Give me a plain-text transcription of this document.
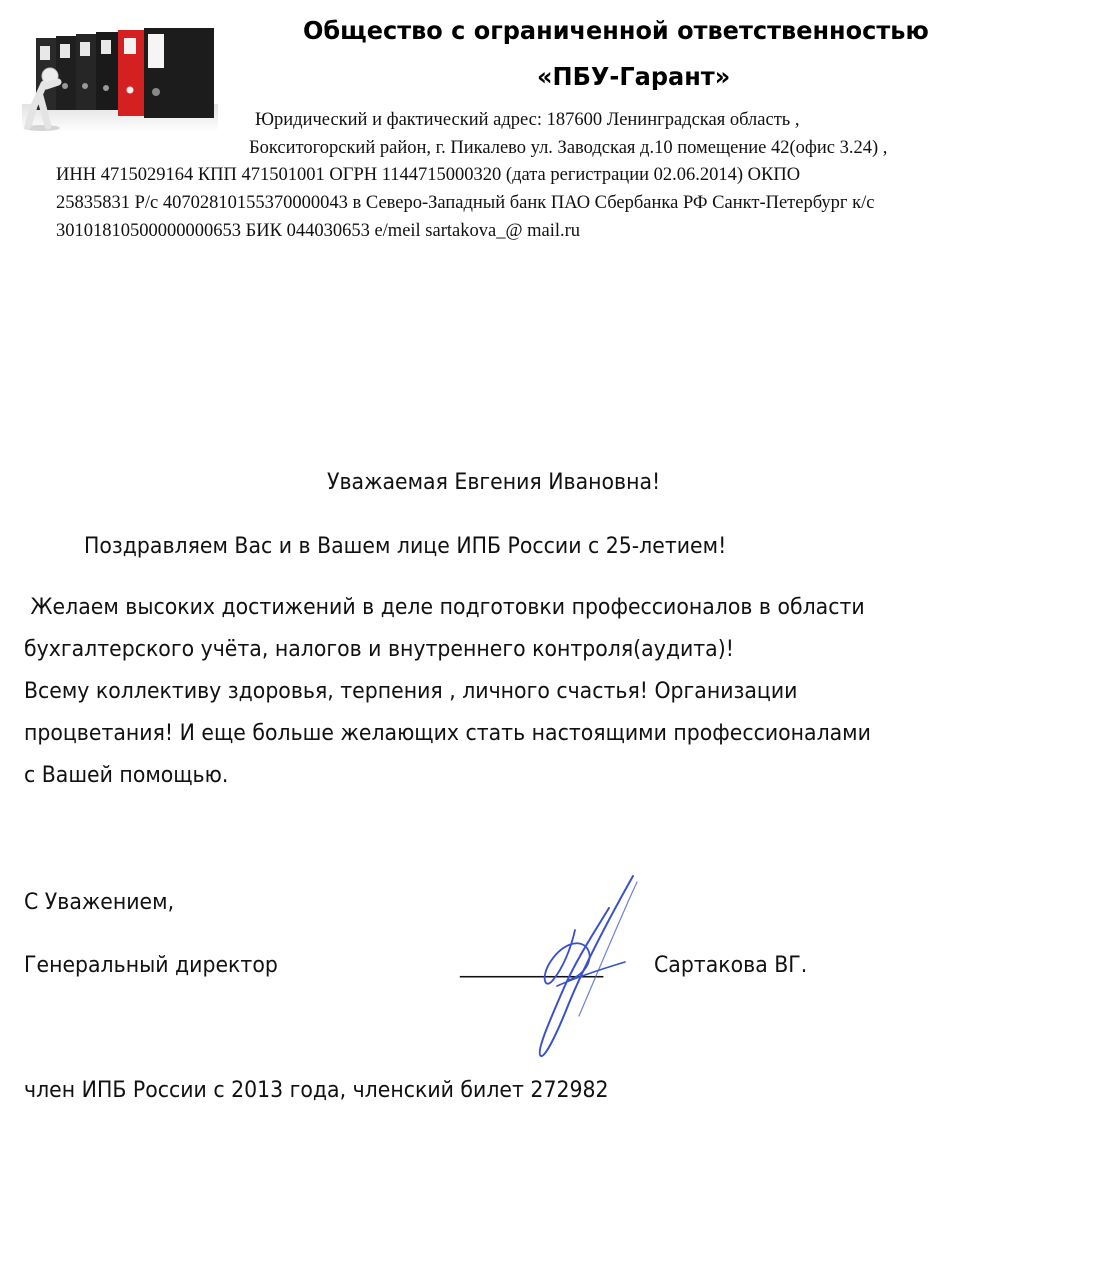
Общество с ограниченной ответственностью
«ПБУ-Гарант»
Юридический и фактический адрес: 187600 Ленинградская область ,
Бокситогорский район, г. Пикалево ул. Заводская д.10 помещение 42(офис 3.24) ,
ИНН 4715029164 КПП 471501001 ОГРН 1144715000320 (дата регистрации 02.06.2014) ОКПО
25835831 Р/с 40702810155370000043 в Северо-Западный банк ПАО Сбербанка РФ Санкт-Петербург к/с
30101810500000000653 БИК 044030653 e/meil sartakova_@ mail.ru
Уважаемая Евгения Ивановна!
Поздравляем Вас и в Вашем лице ИПБ России с 25-летием!
Желаем высоких достижений в деле подготовки профессионалов в области
бухгалтерского учёта, налогов и внутреннего контроля(аудита)!
Всему коллективу здоровья, терпения , личного счастья! Организации
процветания! И еще больше желающих стать настоящими профессионалами
с Вашей помощью.
С Уважением,
Генеральный директор	______________ Сартакова ВГ.
член ИПБ России с 2013 года, членский билет 272982
